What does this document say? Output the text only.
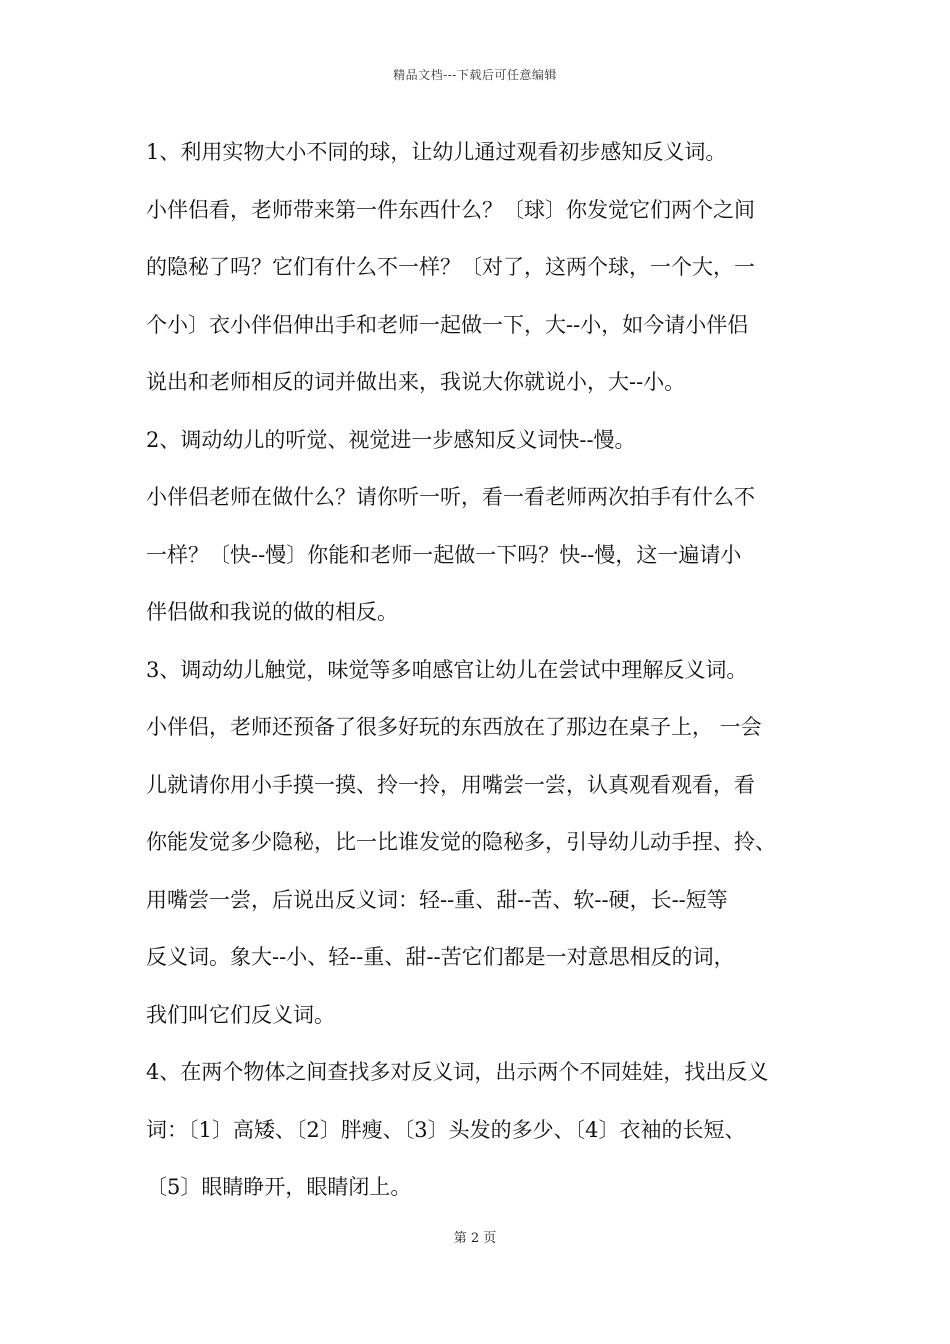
精品文档---下载后可任意编辑
1、利用实物大小不同的球，让幼儿通过观看初步感知反义词。
小伴侣看，老师带来第一件东西什么？〔球〕你发觉它们两个之间
的隐秘了吗？它们有什么不一样？〔对了，这两个球，一个大，一
个小〕衣小伴侣伸出手和老师一起做一下，大--小，如今请小伴侣
说出和老师相反的词并做出来，我说大你就说小，大--小。
2、调动幼儿的听觉、视觉进一步感知反义词快--慢。
小伴侣老师在做什么？请你听一听，看一看老师两次拍手有什么不
一样？〔快--慢〕你能和老师一起做一下吗？快--慢，这一遍请小
伴侣做和我说的做的相反。
3、调动幼儿触觉，味觉等多咱感官让幼儿在尝试中理解反义词。
小伴侣，老师还预备了很多好玩的东西放在了那边在桌子上， 一会
儿就请你用小手摸一摸、拎一拎，用嘴尝一尝，认真观看观看，看
你能发觉多少隐秘，比一比谁发觉的隐秘多，引导幼儿动手捏、拎、
用嘴尝一尝，后说出反义词：轻--重、甜--苦、软--硬，长--短等
反义词。象大--小、轻--重、甜--苦它们都是一对意思相反的词，
我们叫它们反义词。
4、在两个物体之间查找多对反义词，出示两个不同娃娃，找出反义
词：〔1〕高矮、〔2〕胖瘦、〔3〕头发的多少、〔4〕衣袖的长短、
〔5〕眼睛睁开，眼睛闭上。
第 2 页
